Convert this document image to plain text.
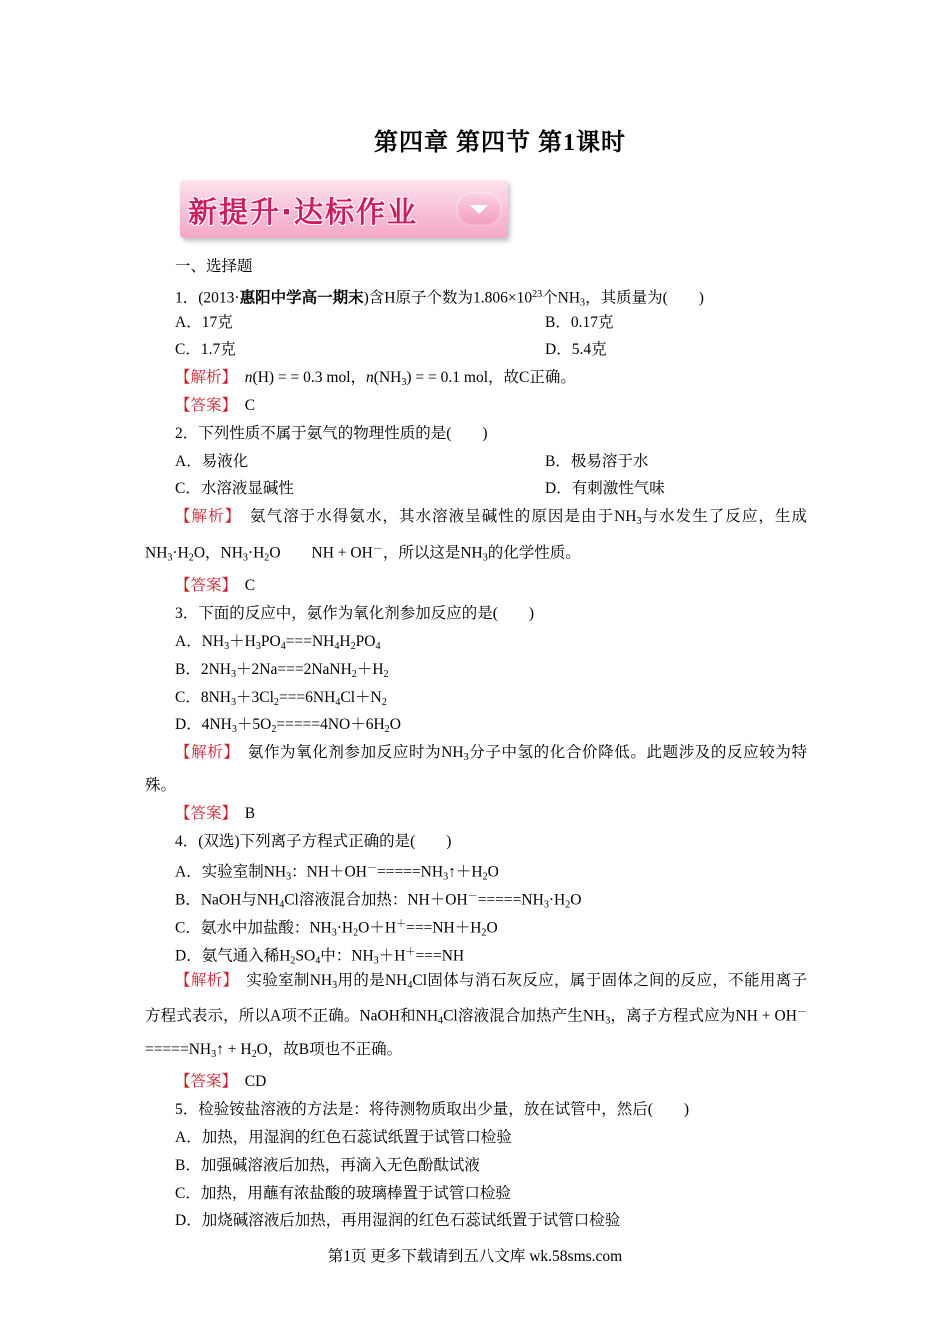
第四章 第四节 第1课时
新提升·达标作业
一、选择题
1．(2013·惠阳中学高一期末)含H原子个数为$1.806\times 10^{23}$个$NH_3$，其质量为(　　)
A．17克	B．0.17克
C．1.7克	D．5.4克
【解析】　 n(H) = = 0.3 mol，$n(NH_3)$ = = 0.1 mol，故C正确。
【答案】　 C
2．下列性质不属于氨气的物理性质的是(　　)
A．易液化	B．极易溶于水
C．水溶液显碱性	D．有刺激性气味
【解析】　 氨气溶于水得氨水，其水溶液呈碱性的原因是由于$NH_3$与水发生了反应，生成$NH_3\cdot H_2O$，$NH_3\cdot H_2O$　　NH + OH－，所以这是$NH_3$的化学性质。
【答案】　 C
3．下面的反应中，氨作为氧化剂参加反应的是(　　)
A．$NH_3+H_3PO_4===NH_4H_2PO_4$
B．$2NH_3+2Na===2NaNH_2+H_2$
C．$8NH_3+3Cl_2===6NH_4Cl+N_2$
D．$4NH_3+5O_2=====4NO+6H_2O$
【解析】　 氨作为氧化剂参加反应时为$NH_3$分子中氢的化合价降低。此题涉及的反应较为特殊。
【答案】　 B
4．(双选)下列离子方程式正确的是(　　)
A．实验室制$NH_3$：$NH+OH^-=====NH_3↑+H_2O$
B．NaOH与$NH_4Cl$溶液混合加热：$NH+OH^-=====NH_3\cdot H_2O$
C．氨水中加盐酸：$NH_3\cdot H_2O+H^+===NH+H_2O$
D．氨气通入稀$H_2SO_4$中：$NH_3+H^+===NH$
【解析】　 实验室制$NH_3$用的是$NH_4Cl$固体与消石灰反应，属于固体之间的反应，不能用离子方程式表示，所以A项不正确。NaOH和$NH_4Cl$溶液混合加热产生$NH_3$，离子方程式应为NH + $OH^-=====NH_3↑ + H_2O$，故B项也不正确。
【答案】　 CD
5．检验铵盐溶液的方法是：将待测物质取出少量，放在试管中，然后(　　)
A．加热，用湿润的红色石蕊试纸置于试管口检验
B．加强碱溶液后加热，再滴入无色酚酞试液
C．加热，用蘸有浓盐酸的玻璃棒置于试管口检验
D．加烧碱溶液后加热，再用湿润的红色石蕊试纸置于试管口检验
第1页 更多下载请到五八文库 wk.58sms.com
